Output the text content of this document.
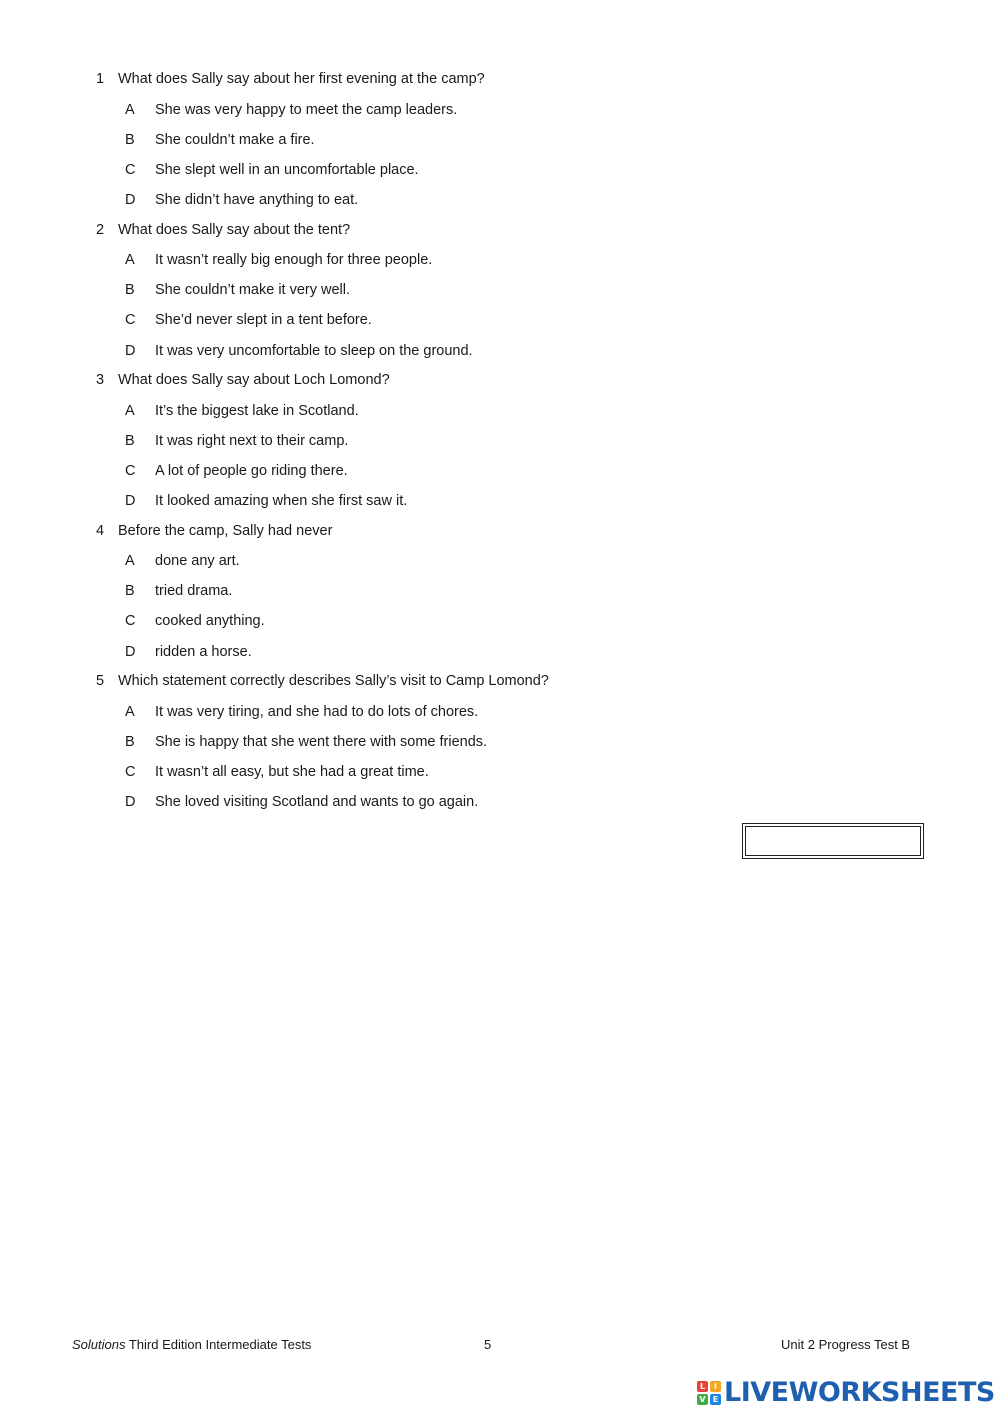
1 What does Sally say about her first evening at the camp?
A She was very happy to meet the camp leaders.
B She couldn’t make a fire.
C She slept well in an uncomfortable place.
D She didn’t have anything to eat.
2 What does Sally say about the tent?
A It wasn’t really big enough for three people.
B She couldn’t make it very well.
C She’d never slept in a tent before.
D It was very uncomfortable to sleep on the ground.
3 What does Sally say about Loch Lomond?
A It’s the biggest lake in Scotland.
B It was right next to their camp.
C A lot of people go riding there.
D It looked amazing when she first saw it.
4 Before the camp, Sally had never
A done any art.
B tried drama.
C cooked anything.
D ridden a horse.
5 Which statement correctly describes Sally’s visit to Camp Lomond?
A It was very tiring, and she had to do lots of chores.
B She is happy that she went there with some friends.
C It wasn’t all easy, but she had a great time.
D She loved visiting Scotland and wants to go again.
Solutions Third Edition Intermediate Tests	5	Unit 2 Progress Test B
L	I
V E LIVEWORKSHEETS
